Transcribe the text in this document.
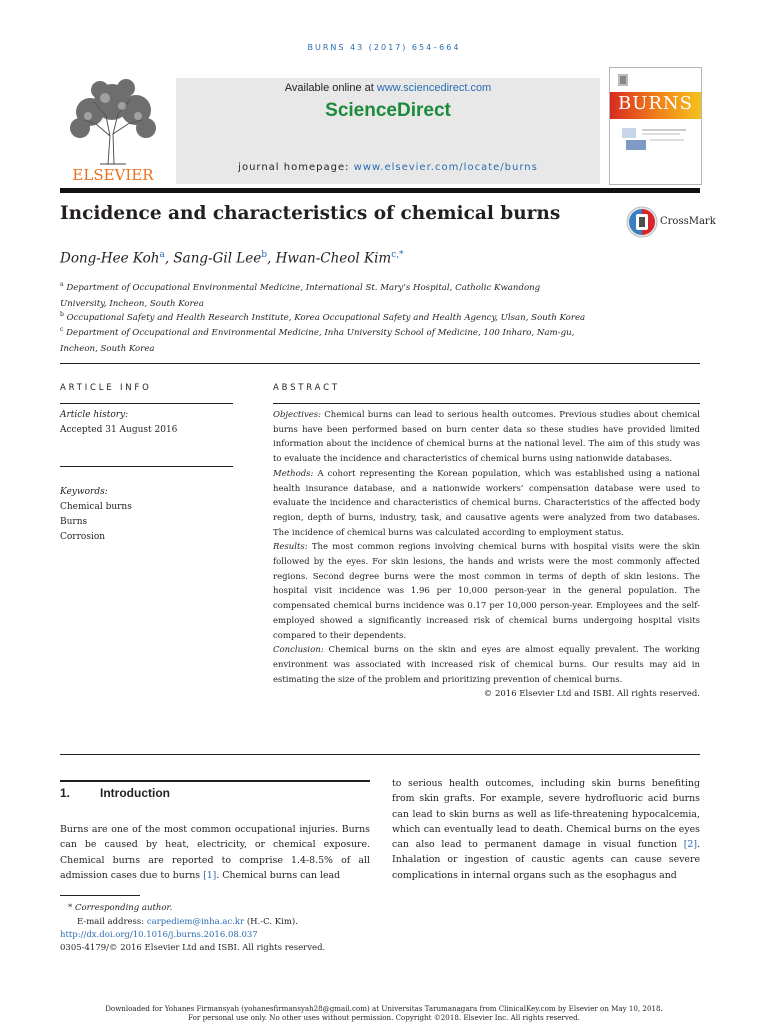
BURNS 43 (2017) 654–664
ELSEVIER
Available online at www.sciencedirect.com
ScienceDirect
journal homepage: www.elsevier.com/locate/burns
BURNS
Incidence and characteristics of chemical burns	CrossMark
Dong-Hee Koh$^a$, Sang-Gil Lee$^b$, Hwan-Cheol Kim$^{c,*}$
$^a$ Department of Occupational Environmental Medicine, International St. Mary’s Hospital, Catholic Kwandong
University, Incheon, South Korea
$^b$ Occupational Safety and Health Research Institute, Korea Occupational Safety and Health Agency, Ulsan, South Korea
$^c$ Department of Occupational and Environmental Medicine, Inha University School of Medicine, 100 Inharo, Nam-gu,
Incheon, South Korea
ARTICLE INFO
Article history:
Accepted 31 August 2016
Keywords:
Chemical burns
Burns
Corrosion
ABSTRACT

Objectives: Chemical burns can lead to serious health outcomes. Previous studies about chemical burns have been performed based on burn center data so these studies have provided limited information about the incidence of chemical burns at the national level. The aim of this study was to evaluate the incidence and characteristics of chemical burns using nationwide databases.

Methods: A cohort representing the Korean population, which was established using a national health insurance database, and a nationwide workers’ compensation database were used to evaluate the incidence and characteristics of chemical burns. Characteristics of the affected body region, depth of burns, industry, task, and causative agents were analyzed from two databases. The incidence of chemical burns was calculated according to employment status.

Results: The most common regions involving chemical burns with hospital visits were the skin followed by the eyes. For skin lesions, the hands and wrists were the most commonly affected regions. Second degree burns were the most common in terms of depth of skin lesions. The hospital visit incidence was 1.96 per 10,000 person-year in the general population. The compensated chemical burns incidence was 0.17 per 10,000 person-year. Employees and the self-employed showed a significantly increased risk of chemical burns undergoing hospital visits compared to their dependents.

Conclusion: Chemical burns on the skin and eyes are almost equally prevalent. The working environment was associated with increased risk of chemical burns. Our results may aid in estimating the size of the problem and prioritizing prevention of chemical burns.

© 2016 Elsevier Ltd and ISBI. All rights reserved.

1. Introduction
Burns are one of the most common occupational injuries. Burns can be caused by heat, electricity, or chemical exposure. Chemical burns are reported to comprise 1.4-8.5% of all admission cases due to burns [1]. Chemical burns can lead
to serious health outcomes, including skin burns benefiting from skin grafts. For example, severe hydrofluoric acid burns can lead to skin burns as well as life-threatening hypocalcemia, which can eventually lead to death. Chemical burns on the eyes can also lead to permanent damage in visual function [2]. Inhalation or ingestion of caustic agents can cause severe complications in internal organs such as the esophagus and
* Corresponding author.
E-mail address: carpediem@inha.ac.kr (H.-C. Kim).
http://dx.doi.org/10.1016/j.burns.2016.08.037
0305-4179/© 2016 Elsevier Ltd and ISBI. All rights reserved.
Downloaded for Yohanes Firmansyah (yohanesfirmansyah28@gmail.com) at Universitas Tarumanagara from ClinicalKey.com by Elsevier on May 10, 2018.
For personal use only. No other uses without permission. Copyright ©2018. Elsevier Inc. All rights reserved.
